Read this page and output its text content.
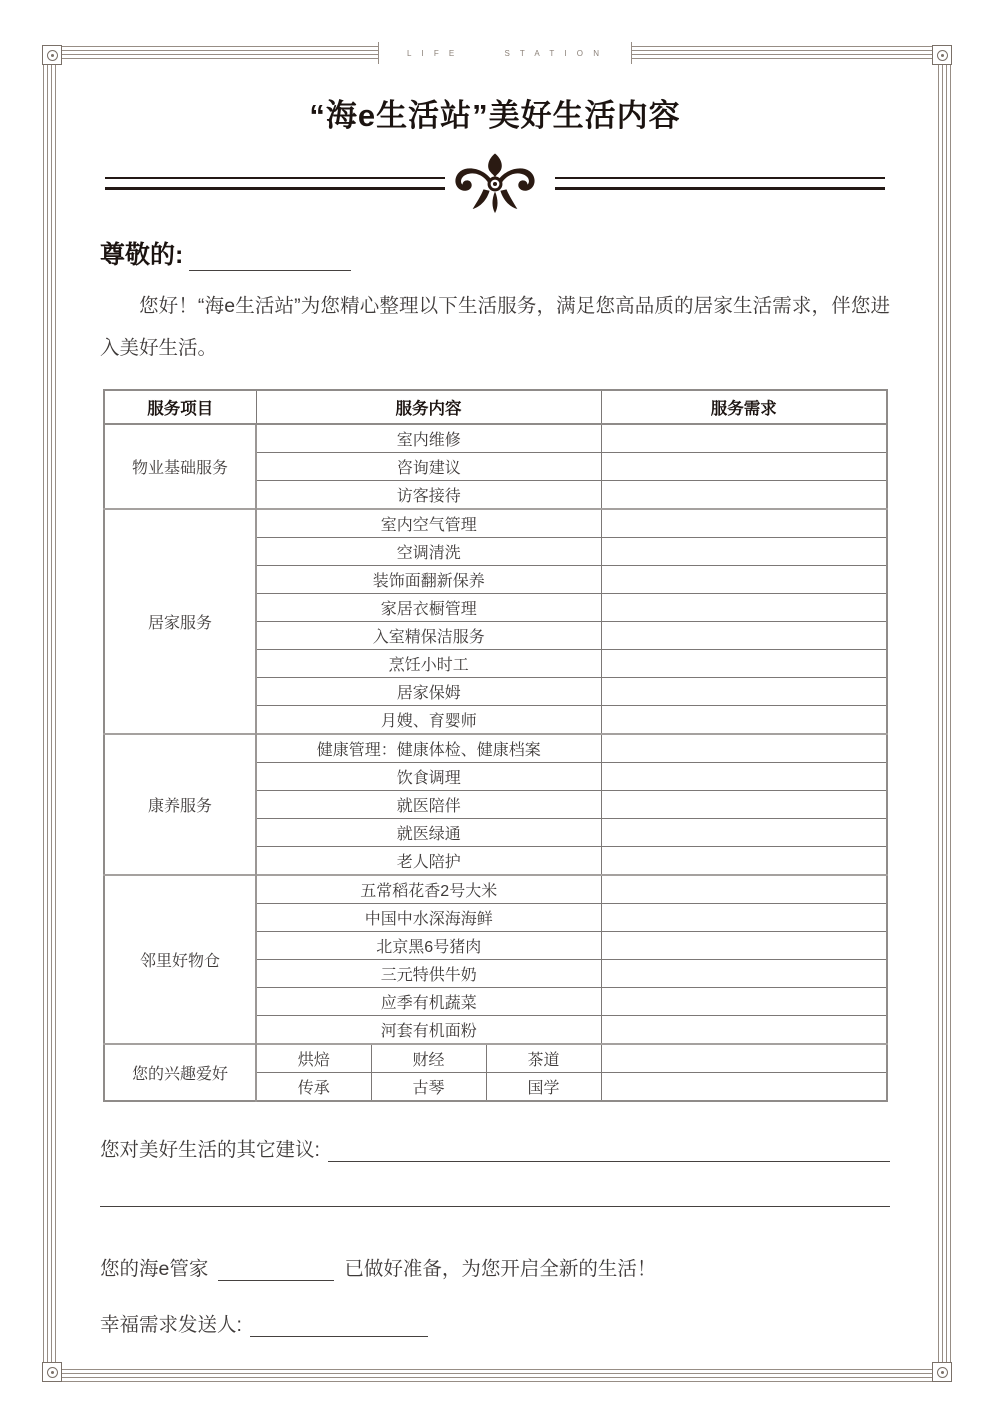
L I F E	S T A T I O N
“海e生活站”美好生活内容
尊敬的:
您好！“海e生活站”为您精心整理以下生活服务，满足您高品质的居家生活需求，伴您进入美好生活。
服务项目	服务内容			服务需求
物业基础服务	室内维修			
	咨询建议			
	访客接待			
居家服务	室内空气管理			
	空调清洗			
	装饰面翻新保养			
	家居衣橱管理			
	入室精保洁服务			
	烹饪小时工			
	居家保姆			
	月嫂、育婴师			
康养服务	健康管理：健康体检、健康档案			
	饮食调理			
	就医陪伴			
	就医绿通			
	老人陪护			
邻里好物仓	五常稻花香2号大米			
	中国中水深海海鲜			
	北京黑6号猪肉			
	三元特供牛奶			
	应季有机蔬菜			
	河套有机面粉			
您的兴趣爱好	烘焙	财经	茶道	
	传承	古琴	国学	
您对美好生活的其它建议:
您的海e管家	已做好准备，为您开启全新的生活！
幸福需求发送人:
